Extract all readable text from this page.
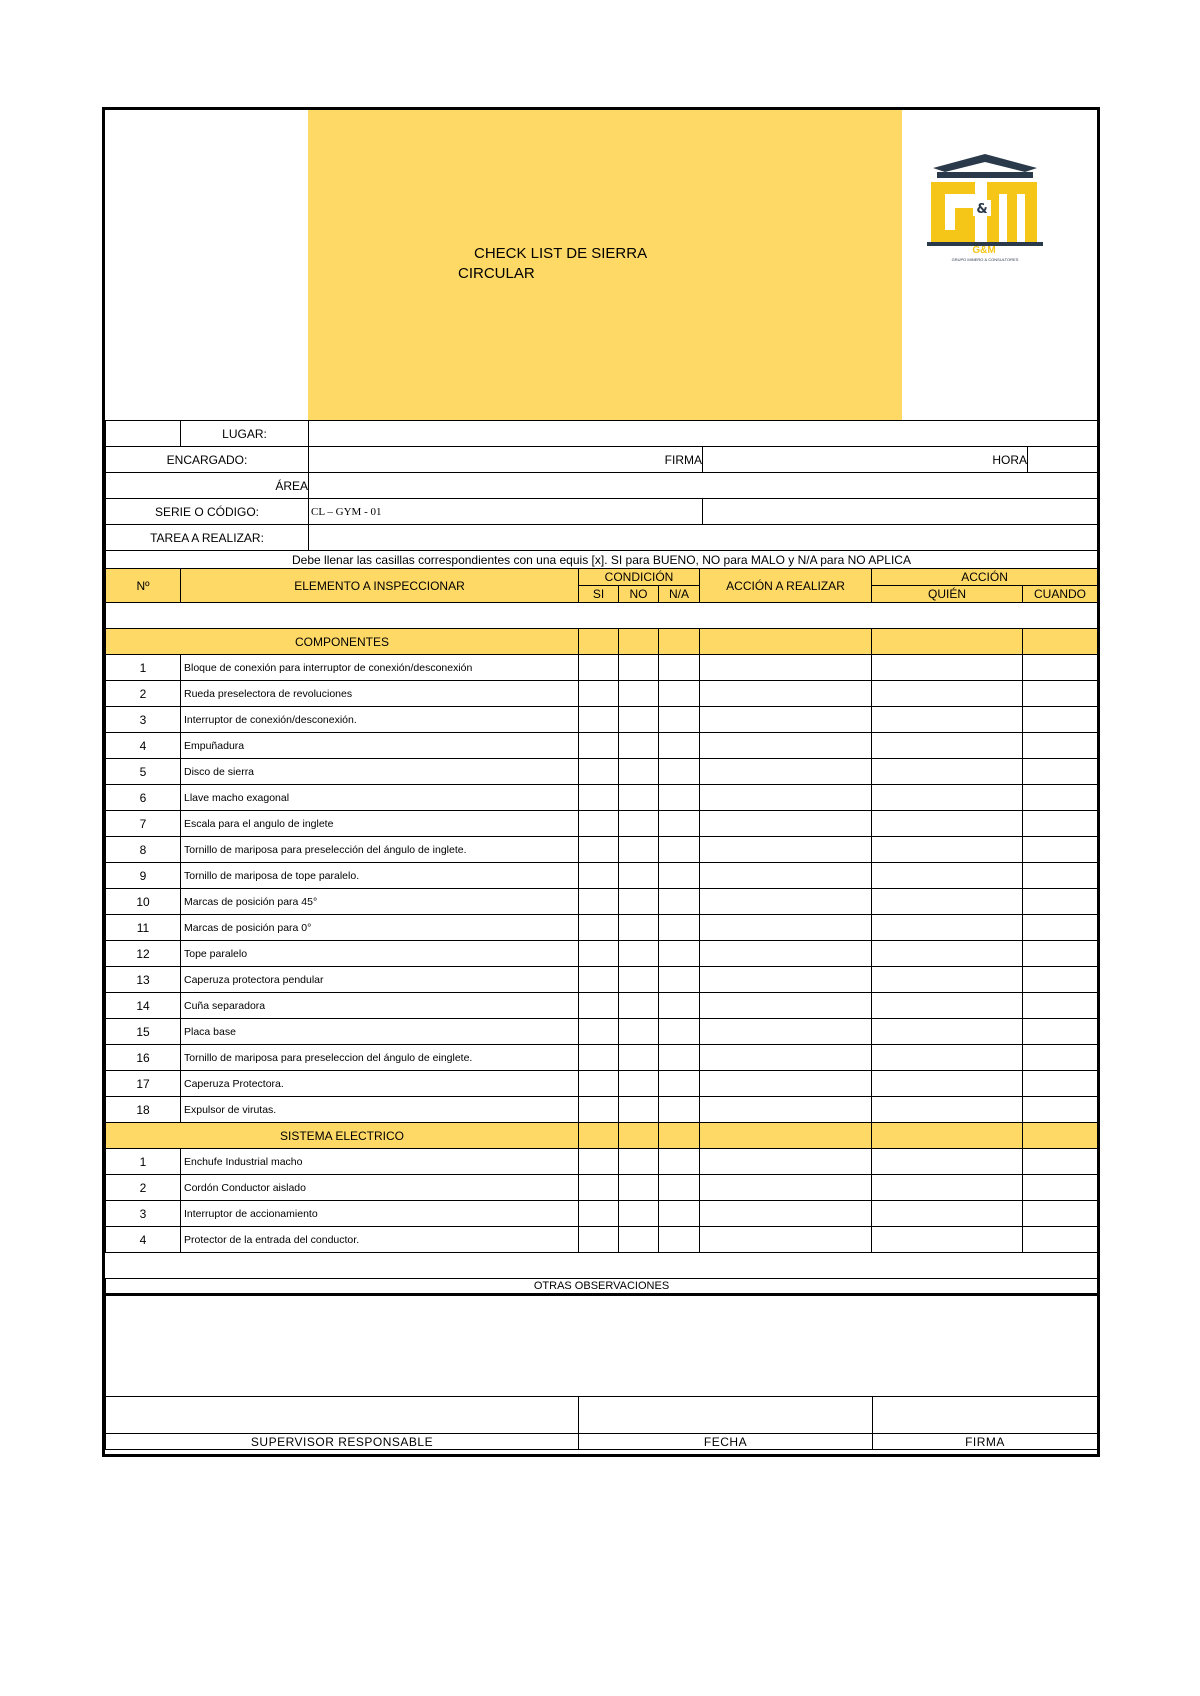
CHECK LIST DE SIERRA
CIRCULAR
&
G&M
GRUPO MINERO & CONSULTORES
	LUGAR:			
ENCARGADO:		FIRMA	HORA	
ÁREA				
SERIE O CÓDIGO:		CL – GYM - 01		
TAREA A REALIZAR:				
Debe llenar las casillas correspondientes con una equis [x]. SI para BUENO, NO para MALO y N/A para NO APLICA				
Nº	ELEMENTO A INSPECCIONAR	CONDICIÓN			ACCIÓN A REALIZAR	ACCIÓN	
		SI	NO	N/A		QUIÉN	CUANDO

COMPONENTES							
1	Bloque de conexión para interruptor de conexión/desconexión						
2	Rueda preselectora de revoluciones						
3	Interruptor de conexión/desconexión.						
4	Empuñadura						
5	Disco de sierra						
6	Llave macho exagonal						
7	Escala para el angulo de inglete						
8	Tornillo de mariposa para preselección del ángulo de inglete.						
9	Tornillo de mariposa de tope paralelo.						
10	Marcas de posición para 45°						
11	Marcas de posición para 0°						
12	Tope paralelo						
13	Caperuza protectora pendular						
14	Cuña separadora						
15	Placa base						
16	Tornillo de mariposa para preseleccion del ángulo de einglete.						
17	Caperuza Protectora.						
18	Expulsor de virutas.						
SISTEMA ELECTRICO							
1	Enchufe Industrial macho						
2	Cordón Conductor aislado						
3	Interruptor de accionamiento						
4	Protector de la entrada del conductor.						
OTRAS OBSERVACIONES		

SUPERVISOR RESPONSABLE	FECHA	FIRMA
